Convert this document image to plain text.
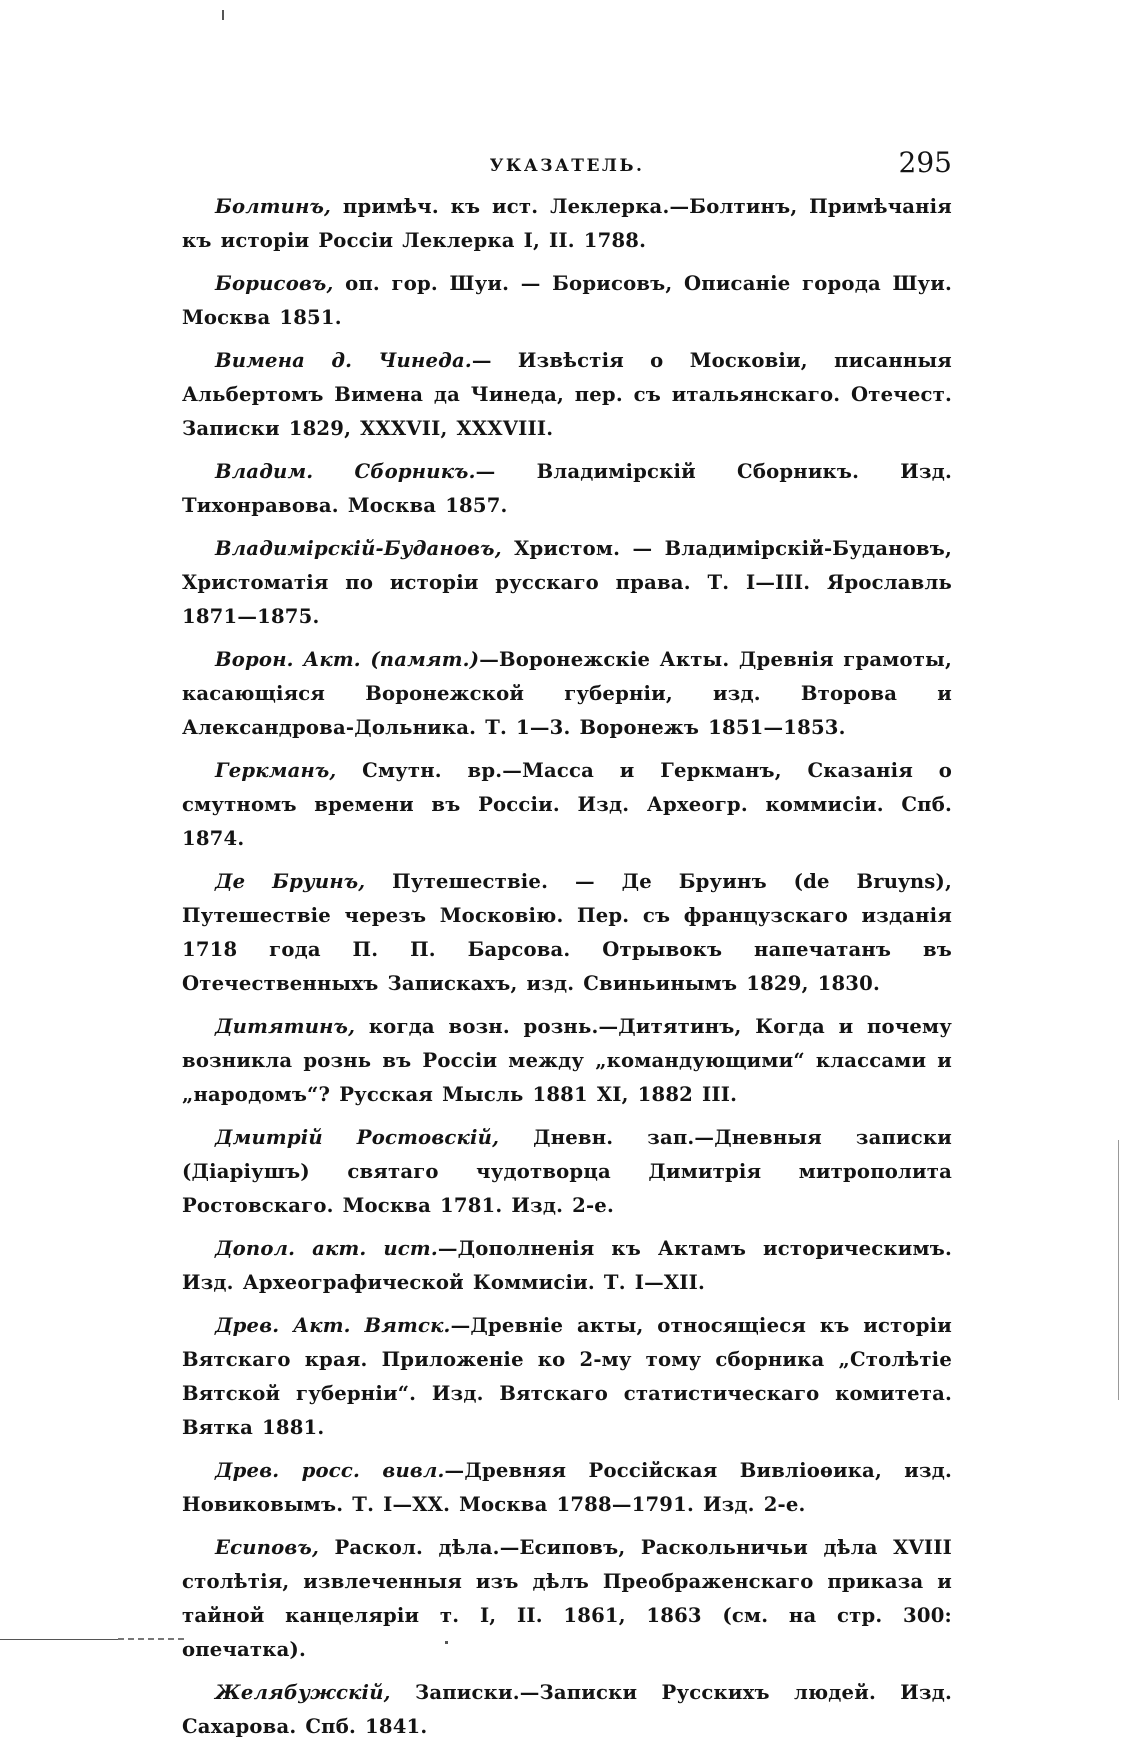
УКАЗАТЕЛЬ.	295

Болтинъ, примѣч. къ ист. Леклерка.—Болтинъ, Примѣчанія къ исторіи Россіи Леклерка I, II. 1788.

Борисовъ, оп. гор. Шуи. — Борисовъ, Описаніе города Шуи. Москва 1851.

Вимена д. Чинеда.— Извѣстія о Московіи, писанныя Альбертомъ Вимена да Чинеда, пер. съ итальянскаго. Отечест. Записки 1829, XXXVII, XXXVIII.

Владим. Сборникъ.— Владимірскій Сборникъ. Изд. Тихонравова. Москва 1857.

Владимірскій-Будановъ, Христом. — Владимірскій-Будановъ, Христоматія по исторіи русскаго права. Т. I—III. Ярославль 1871—1875.

Ворон. Акт. (памят.)—Воронежскіе Акты. Древнія грамоты, касающіяся Воронежской губерніи, изд. Второва и Александрова-Дольника. Т. 1—3. Воронежъ 1851—1853.

Геркманъ, Смутн. вр.—Масса и Геркманъ, Сказанія о смутномъ времени въ Россіи. Изд. Археогр. коммисіи. Спб. 1874.

Де Бруинъ, Путешествіе. — Де Бруинъ (de Bruyns), Путешествіе черезъ Московію. Пер. съ французскаго изданія 1718 года П. П. Барсова. Отрывокъ напечатанъ въ Отечественныхъ Запискахъ, изд. Свиньинымъ 1829, 1830.

Дитятинъ, когда возн. рознь.—Дитятинъ, Когда и почему возникла рознь въ Россіи между „командующими“ классами и „народомъ“? Русская Мысль 1881 XI, 1882 III.

Дмитрій Ростовскій, Дневн. зап.—Дневныя записки (Діаріушъ) святаго чудотворца Димитрія митрополита Ростовскаго. Москва 1781. Изд. 2-е.

Допол. акт. ист.—Дополненія къ Актамъ историческимъ. Изд. Археографической Коммисіи. Т. I—XII.

Древ. Акт. Вятск.—Древніе акты, относящіеся къ исторіи Вятскаго края. Приложеніе ко 2-му тому сборника „Столѣтіе Вятской губерніи“. Изд. Вятскаго статистическаго комитета. Вятка 1881.

Древ. росс. вивл.—Древняя Россійская Вивліоѳика, изд. Новиковымъ. Т. I—XX. Москва 1788—1791. Изд. 2-е.

Есиповъ, Раскол. дѣла.—Есиповъ, Раскольничьи дѣла XVIII столѣтія, извлеченныя изъ дѣлъ Преображенскаго приказа и тайной канцеляріи т. I, II. 1861, 1863 (см. на стр. 300: опечатка).

Желябужскій, Записки.—Записки Русскихъ людей. Изд. Сахарова. Спб. 1841.
